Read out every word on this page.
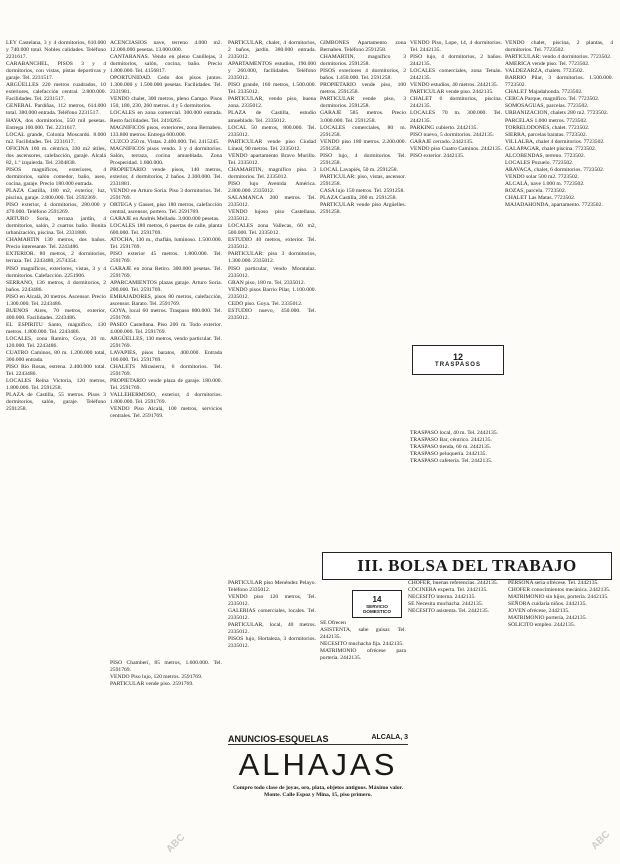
LEY Castelana, 3 y 4 dormitorios, 610.000 y 740.000 total. Nobles calidades. Teléfono 2231617.

CARABANCHEL, PISOS 3 y 4 dormitorios, con vistas, pistas deportivas y garaje. Tel. 2231517.

ARGÜELLES 220 metros cuadrados, 10 exteriores, calefacción central. 2.800.000. Facilidades. Tel. 2231517.

GENERAL Pardiñas, 112 metros, 614.000 total. 380.000 entrada. Teléfono 2231517.

HAYA, dos dormitorios, 550 mil pesetas. Entrega 100.000. Tel. 2231617.

LOCAL grande, Colonia Moscardó. 8.000 m2. Facilidades. Tel. 2231617.

OFICINA 160 m. céntrica, 330 m2 útiles, dos ascensores, calefacción, garaje. Alcalá 82, 1.º izquierda. Tel. 2304838.

PISOS magníficos, exteriores, 4 dormitorios, salón comedor, baño, aseo, cocina, garaje. Precio 180.000 entrada.

PLAZA Castilla, 180 m2, exterior, luz, piscina, garaje. 2.800.000. Tel. 2592369.

PISO exterior, 4 dormitorios, 280.000 y 470.000. Teléfono 2591269.

ARTURO Soria, terraza jardín, 4 dormitorios, salón, 2 cuartos baño. Bonita urbanización, piscina. Tel. 2331880.

CHAMARTIN 130 metros, dos baños. Precio interesante. Tel. 2243486.

EXTERIOR. 80 metros, 2 dormitorios, terraza. Tel. 2243480, 2574354.

PISO magníficos, exteriores, vistas, 3 y 4 dormitorios. Calefacción. 2251906.

SERRANO, 136 metros, 4 dormitorios, 2 baños. 2243486.

PISO en Alcalá, 20 metros. Ascensor. Precio 1.300.000. Tel. 2243486.

BUENOS Aires, 70 metros, exterior, 400.000. Facilidades. 2243486.

EL ESPIRITU Santo, magnífico, 130 metros. 1.800.000. Tel. 2243486.

LOCALES, zona Ramiro, Goya, 20 m. 120.000. Tel. 2243486.

CUATRO Caminos, 80 m. 1.200.000 total, 300.000 entrada.

PISO Río Rosas, estrena. 2.400.000 total. Tel. 2243486.

LOCALES Reina Victoria, 120 metros, 1.800.000. Tel. 2591258.

PLAZA de Castilla, 55 metros. Pisos 3 dormitorios, salón, garaje. Teléfono 2591258.

ACENCIASIOS nave, terreno 4.000 m2. 12.000.000 pesetas. 13.000.000.

CANTARANAS. Vendo en pleno Canillejas, 3 dormitorios, salón, cocina, baño. Precio 1.800.000. Tel. 4156817.

OPORTUNIDAD. Cedo dos pisos juntos. 1.300.000 y 1.500.000 pesetas. Facilidades. Tel. 2331981.

VENDO chalet, 300 metros, pleno Campo. Pisos 150, 180, 230, 260 metros. 4 y 5 dormitorios.

LOCALES en zona comercial. 300.000 entrada. Resto facilidades. Tel. 2410265.

MAGNIFICOS pisos, exteriores, zona Bernabeu. 133.800 metros. Entrega 600.000.

CUZCO 250 m. Vistas. 2.400.000. Tel. 2415245.

MAGNIFICOS pisos vendo. 3 y 4 dormitorios. Salón, terraza, cocina amueblada. Zona Prosperidad. 1.600.000.

PROPIETARIO vende pisos, 140 metros, exterior, 4 dormitorios, 2 baños. 2.300.000. Tel. 2331881.

VENDO en Arturo Soria. Piso 3 dormitorios. Tel. 2591769.

ORTEGA y Gasset, piso 180 metros, calefacción central, ascensor, portero. Tel. 2591769.

GARAJE en Andrés Mellado. 3.000.000 pesetas.

LOCALES 180 metros, 6 puertas de calle, planta 600.000. Tel. 2591769.

ATOCHA, 130 m., chaflán, luminoso. 1.500.000. Tel. 2591769.

PISO exterior 45 metros. 1.800.000. Tel. 2591769.

GARAJE en zona Retiro. 300.000 pesetas. Tel. 2591769.

APARCAMIENTOS plazas garaje. Arturo Soria. 200.000. Tel. 2591769.

EMBAJADORES, pisos 80 metros, calefacción, ascensor. Barato. Tel. 2591769.

GOYA, local 60 metros. Traspaso 800.000. Tel. 2591769.

PASEO Castellana. Piso 200 m. Todo exterior. 4.000.000. Tel. 2591769.

ARGÜELLES, 130 metros, vendo particular. Tel. 2591769.

LAVAPIES, pisos baratos, 400.000. Entrada 100.000. Tel. 2591769.

CHALETS Mirasierra, 6 dormitorios. Tel. 2591769.

PROPIETARIO vende plaza de garaje. 180.000. Tel. 2591769.

VALLEHERMOSO, exterior, 4 dormitorios. 1.800.000. Tel. 2591769.

VENDO Piso Alcalá, 100 metros, servicios centrales. Tel. 2591769.

PISO Chamberí, 85 metros, 1.600.000. Tel. 2591769.

VENDO Piso lujo, 120 metros. 2591769.

PARTICULAR vende piso. 2591769.

PARTICULAR, chalet, 4 dormitorios, 2 baños, jardín. 380.000 entrada. 2335012.

APARTAMENTOS estudios, 190.000 y 260.000, facilidades. Teléfono 2335012.

PISO grande, 160 metros, 1.500.000. Tel. 2335012.

PARTICULAR, vendo piso, buena zona. 2335012.

PLAZA de Castilla, estudio amueblado. Tel. 2335012.

LOCAL 50 metros, 800.000. Tel. 2335012.

PARTICULAR vende piso Ciudad Lineal, 90 metros. Tel. 2335012.

VENDO apartamento Bravo Murillo. Tel. 2335012.

CHAMARTIN, magnífico piso. 3 dormitorios. Tel. 2335012.

PISO lujo Avenida América. 2.800.000. 2335012.

SALAMANCA 200 metros. Tel. 2335012.

VENDO lujoso piso Castellana. 2335012.

LOCALES zona Vallecas, 60 m2, 500.000. Tel. 2335012.

ESTUDIO 40 metros, exterior. Tel. 2335012.

PARTICULAR: piso 3 dormitorios, 1.300.000. 2335012.

PISO particular, vendo Moratalaz. 2335012.

GRAN piso, 180 m. Tel. 2335012.

VENDO pisos Barrio Pilar, 1.100.000. 2335012.

CEDO piso. Goya. Tel. 2335012.

ESTUDIO nuevo, 450.000. Tel. 2335012.

PARTICULAR piso Menéndez Pelayo. Teléfono 2335012.

VENDO piso 120 metros, Tel. 2335012.

GALERIAS comerciales, locales. Tel. 2335012.

PARTICULAR, local, 40 metros. 2335012.

PISOS lujo, Hortaleza, 3 dormitorios. 2335012.

GIMBONES Apartamento zona Bernabeu. Teléfono 2591258.

CHAMARTIN, magnífico 3 dormitorios. 2591258.

PISOS exteriores 4 dormitorios, 2 baños. 1.450.000. Tel. 2591258.

PROPIETARIO vende piso, 100 metros. 2591258.

PARTICULAR vende piso, 3 dormitorios. 2591258.

GARAJE 585 metros. Precio 3.000.000. Tel. 2591258.

LOCALES comerciales, 80 m. 2591258.

VENDO piso 180 metros. 2.200.000. 2591258.

PISO lujo, 4 dormitorios. Tel. 2591258.

LOCAL Lavapiés, 50 m. 2591258.

PARTICULAR: piso, vistas, ascensor. 2591258.

CASA lujo 150 metros. Tel. 2591258.

PLAZA Castilla, 200 m. 2591258.

PARTICULAR vende piso Argüelles. 2591258.

VENDO Piso, Lope, 14, 4 dormitorios. Tel. 2442135.

PISO lujo, 4 dormitorios, 2 baños. 2442135.

LOCALES comerciales, zona Tetuán. 2442135.

VENDO estudios, 40 metros. 2442135.

PARTICULAR vende piso. 2442135.

CHALET 6 dormitorios, piscina. 2442135.

LOCALES 70 m. 300.000. Tel. 2442135.

PARKING cubierto. 2442135.

PISO nuevo, 5 dormitorios. 2442135.

GARAJE cerrado. 2442135.

VENDO piso Cuatro Caminos. 2442135.

PISO exterior. 2442135.

12
TRASPASOS

TRASPASO local, 40 m. Tel. 2442135.

TRASPASO Bar, céntrico. 2442135.

TRASPASO tienda, 60 m. 2442135.

TRASPASO peluquería. 2442135.

TRASPASO cafetería. Tel. 2442135.

VENDO chalet, piscina, 2 plantas, 4 dormitorios. Tel. 7723502.

PARTICULAR: vendo 4 dormitorios. 7723502.

AMERICA vende piso. Tel. 7723502.

VALDEZARZA, chalets. 7723502.

BARRIO Pilar, 3 dormitorios. 1.500.000. 7723502.

CHALET Majadahonda. 7723502.

CERCA Parque, magnífico. Tel. 7723502.

SOMOSAGUAS, parcelas. 7723502.

URBANIZACION, chalets 280 m2. 7723502.

PARCELAS 1.000 metros. 7723502.

TORRELODONES, chalet. 7723502.

SIERRA, parcelas baratas. 7723502.

VILLALBA, chalet 4 dormitorios. 7723502.

GALAPAGAR, chalet piscina. 7723502.

ALCOBENDAS, terreno. 7723502.

LOCALES Pozuelo. 7723502.

ARAVACA, chalet, 6 dormitorios. 7723502.

VENDO solar 500 m2. 7723502.

ALCALÁ, nave 1.000 m. 7723502.

ROZAS, parcela. 7723502.

CHALET Las Matas. 7723502.

MAJADAHONDA, apartamento. 7723502.

III. BOLSA DEL TRABAJO
14
SERVICIO DOMESTICO

SE Ofrecen

ASISTENTA, sabe guisar. Tel. 2442135.

NECESITO muchacha fija. 2442135.

MATRIMONIO ofrécese para portería. 2442135.

CHOFER, buenas referencias. 2442135.

COCINERA experta. Tel. 2442135.

NECESITO interna. 2442135.

SE Necesita muchacha. 2442135.

NECESITO asistenta. Tel. 2442135.

PERSONA seria ofrécese. Tel. 2442135.

CHOFER conocimientos mecánica. 2442135.

MATRIMONIO sin hijos, portería. 2442135.

SEÑORA cuidaría niños. 2442135.

JOVEN ofrécese, 2442135.

MATRIMONIO portería, 2442135.

SOLICITO empleo. 2442135.

ANUNCIOS-ESQUELAS	ALCALA, 3
ALHAJAS
Compro todo clase de joyas, oro, plata, objetos antiguos. Máximo valor. Monte. Calle Espoz y Mina, 15, piso primero.
ABC	ABC
